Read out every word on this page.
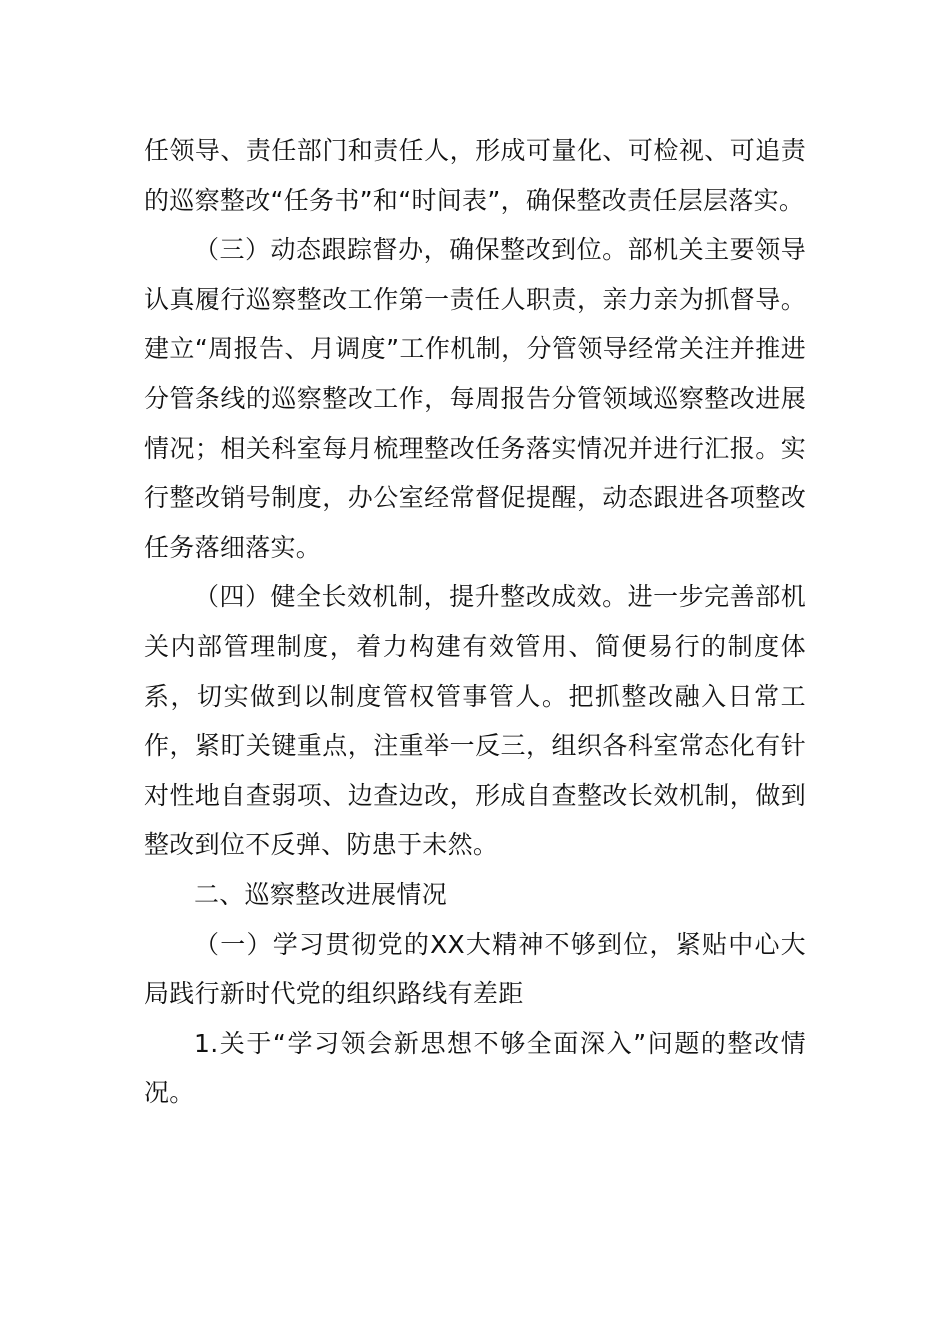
任领导、责任部门和责任人，形成可量化、可检视、可追责的巡察整改“任务书”和“时间表”，确保整改责任层层落实。

（三）动态跟踪督办，确保整改到位。部机关主要领导认真履行巡察整改工作第一责任人职责，亲力亲为抓督导。建立“周报告、月调度”工作机制，分管领导经常关注并推进分管条线的巡察整改工作，每周报告分管领域巡察整改进展情况；相关科室每月梳理整改任务落实情况并进行汇报。实行整改销号制度，办公室经常督促提醒，动态跟进各项整改任务落细落实。

（四）健全长效机制，提升整改成效。进一步完善部机关内部管理制度，着力构建有效管用、简便易行的制度体系，切实做到以制度管权管事管人。把抓整改融入日常工作，紧盯关键重点，注重举一反三，组织各科室常态化有针对性地自查弱项、边查边改，形成自查整改长效机制，做到整改到位不反弹、防患于未然。

二、巡察整改进展情况

（一）学习贯彻党的XX大精神不够到位，紧贴中心大局践行新时代党的组织路线有差距

1.关于“学习领会新思想不够全面深入”问题的整改情况。
